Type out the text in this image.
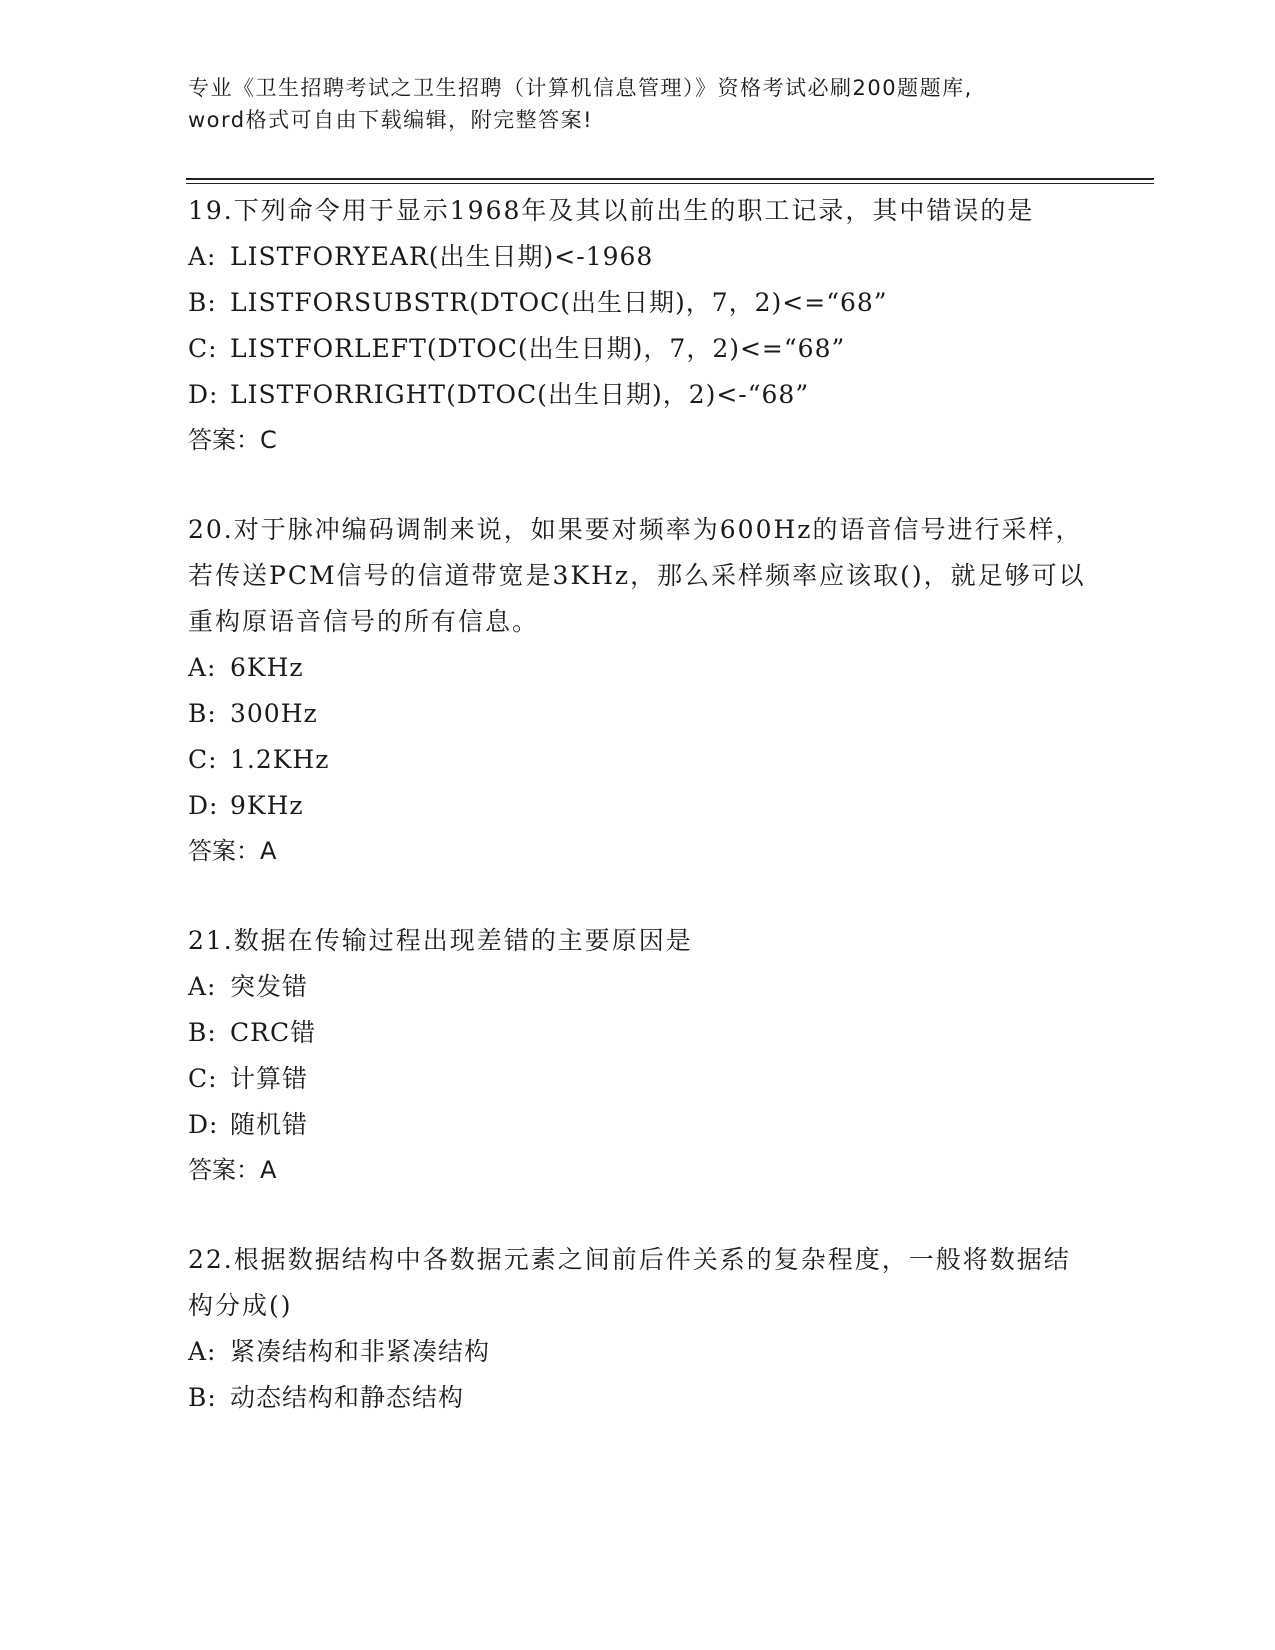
专业《卫生招聘考试之卫生招聘（计算机信息管理）》资格考试必刷200题题库,
word格式可自由下载编辑，附完整答案!

19.下列命令用于显示1968年及其以前出生的职工记录，其中错误的是

A: LISTFORYEAR(出生日期)<-1968

B: LISTFORSUBSTR(DTOC(出生日期)，7，2)<=“68”

C: LISTFORLEFT(DTOC(出生日期)，7，2)<=“68”

D: LISTFORRIGHT(DTOC(出生日期)，2)<-“68”

答案：C

20.对于脉冲编码调制来说，如果要对频率为600Hz的语音信号进行采样，若传送PCM信号的信道带宽是3KHz，那么采样频率应该取()，就足够可以重构原语音信号的所有信息。

A: 6KHz

B: 300Hz

C: 1.2KHz

D: 9KHz

答案：A

21.数据在传输过程出现差错的主要原因是

A: 突发错

B: CRC错

C: 计算错

D: 随机错

答案：A

22.根据数据结构中各数据元素之间前后件关系的复杂程度，一般将数据结构分成()

A: 紧凑结构和非紧凑结构

B: 动态结构和静态结构
